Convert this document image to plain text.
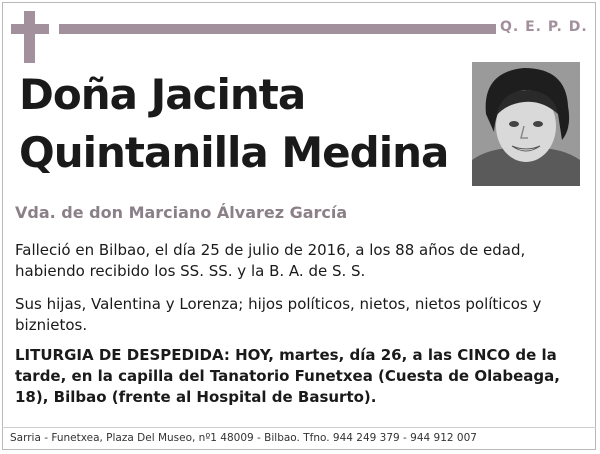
Q. E. P. D.
Doña Jacinta
Quintanilla Medina
Vda. de don Marciano Álvarez García

Falleció en Bilbao, el día 25 de julio de 2016, a los 88 años de edad, habiendo recibido los SS. SS. y la B. A. de S. S.

Sus hijas, Valentina y Lorenza; hijos políticos, nietos, nietos políticos y biznietos.

LITURGIA DE DESPEDIDA: HOY, martes, día 26, a las CINCO de la tarde, en la capilla del Tanatorio Funetxea (Cuesta de Olabeaga, 18), Bilbao (frente al Hospital de Basurto).

Sarria - Funetxea, Plaza Del Museo, nº1 48009 - Bilbao. Tfno. 944 249 379 - 944 912 007
